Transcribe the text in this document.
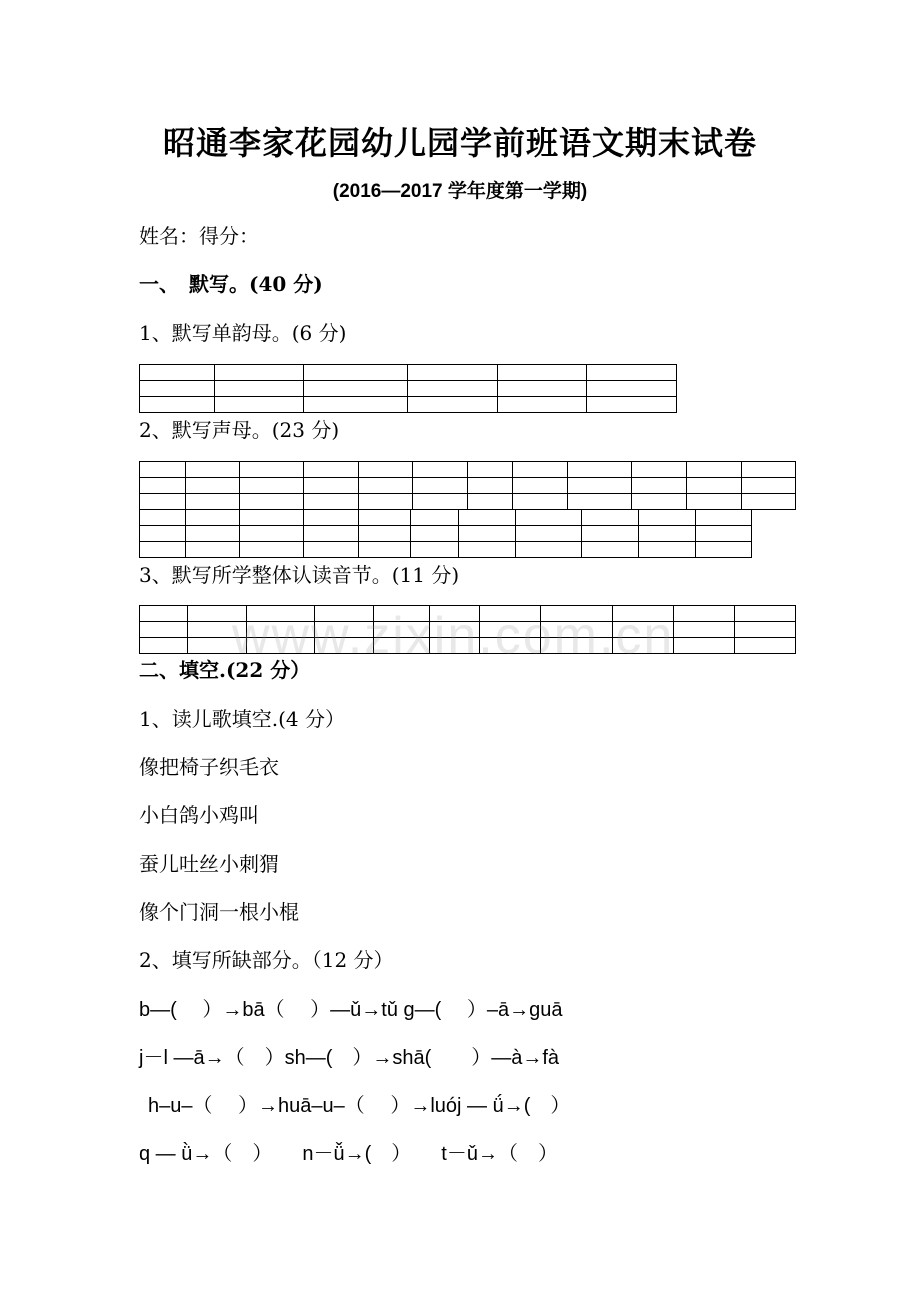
昭通李家花园幼儿园学前班语文期末试卷
(2016—2017 学年度第一学期)
姓名：得分：
一、　默写。(40 分)
1、默写单韵母。(6 分)

2、默写声母。(23 分)

3、默写所学整体认读音节。(11 分)

www.zixin.com.cn
二、填空.(22 分）
1、读儿歌填空.(4 分）
像把椅子织毛衣
小白鸽小鸡叫
蚕儿吐丝小刺猬
像个门洞一根小棍
2、填写所缺部分。（12 分）
b—(　 ）→bā（　 ）—ǔ→tǔ g—(　 ）–ā→guā
j－l —ā→（　）sh—(　）→shā(　　）—à→fà
h–u–（　 ）→huā–u–（　 ）→luój — ǘ→(　）
q — ǜ→（　）　　n－ǚ→(　）　　t－ǔ→（　）
